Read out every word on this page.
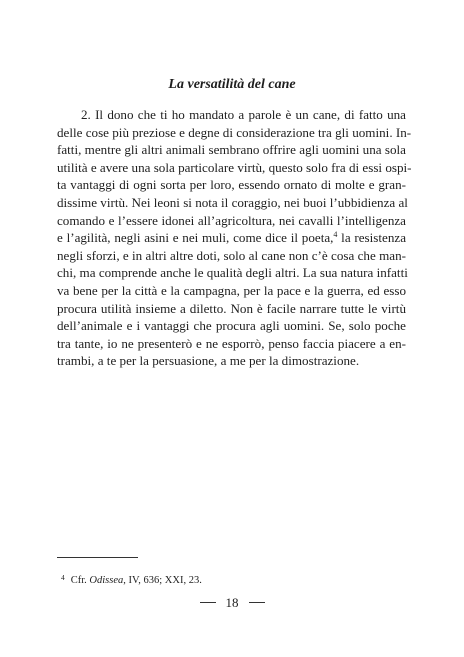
La versatilità del cane

2. Il dono che ti ho mandato a parole è un cane, di fatto una
delle cose più preziose e degne di considerazione tra gli uomini. In-
fatti, mentre gli altri animali sembrano offrire agli uomini una sola
utilità e avere una sola particolare virtù, questo solo fra di essi ospi-
ta vantaggi di ogni sorta per loro, essendo ornato di molte e gran-
dissime virtù. Nei leoni si nota il coraggio, nei buoi l’ubbidienza al
comando e l’essere idonei all’agricoltura, nei cavalli l’intelligenza
e l’agilità, negli asini e nei muli, come dice il poeta,$^4$ la resistenza
negli sforzi, e in altri altre doti, solo al cane non c’è cosa che man-
chi, ma comprende anche le qualità degli altri. La sua natura infatti
va bene per la città e la campagna, per la pace e la guerra, ed esso
procura utilità insieme a diletto. Non è facile narrare tutte le virtù
dell’animale e i vantaggi che procura agli uomini. Se, solo poche
tra tante, io ne presenterò e ne esporrò, penso faccia piacere a en-
trambi, a te per la persuasione, a me per la dimostrazione.

$^4$ Cfr. Odissea, IV, 636; XXI, 23.

18
